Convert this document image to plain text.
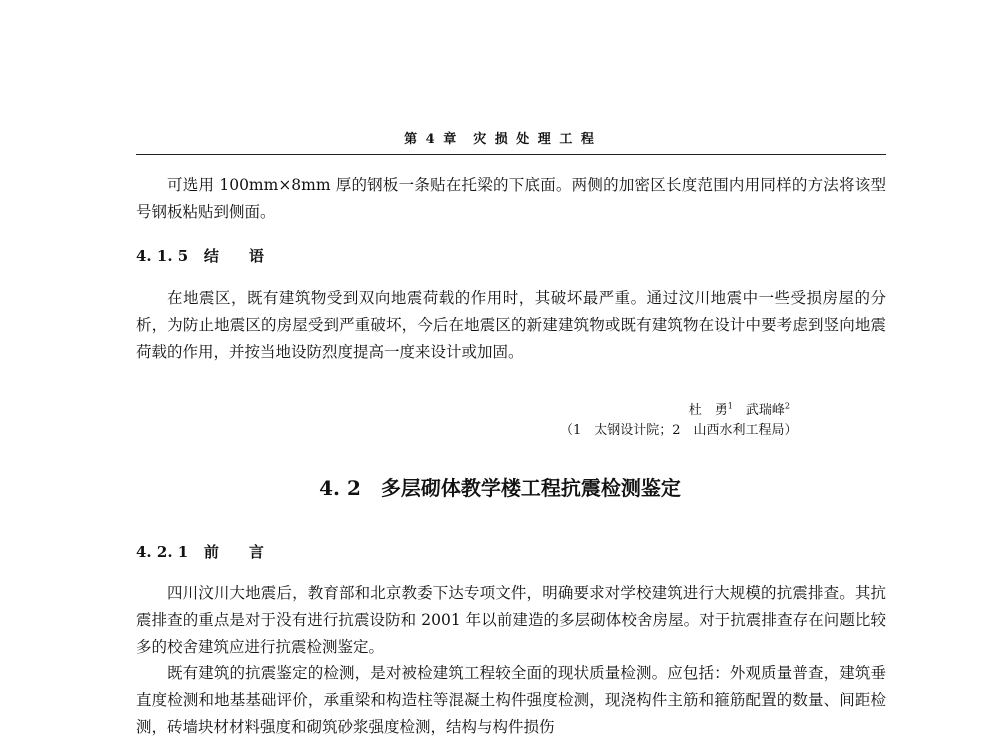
第 4 章　灾 损 处 理 工 程

可选用 100mm×8mm 厚的钢板一条贴在托梁的下底面。两侧的加密区长度范围内用同样的方法将该型号钢板粘贴到侧面。

4. 1. 5 结　　语

在地震区，既有建筑物受到双向地震荷载的作用时，其破坏最严重。通过汶川地震中一些受损房屋的分析，为防止地震区的房屋受到严重破坏，今后在地震区的新建建筑物或既有建筑物在设计中要考虑到竖向地震荷载的作用，并按当地设防烈度提高一度来设计或加固。

杜　勇$^1$　 武瑞峰$^2$

（1　太钢设计院；2　山西水利工程局）

4. 2　 多层砌体教学楼工程抗震检测鉴定
4. 2. 1 前　　言

四川汶川大地震后，教育部和北京教委下达专项文件，明确要求对学校建筑进行大规模的抗震排查。其抗震排查的重点是对于没有进行抗震设防和 2001 年以前建造的多层砌体校舍房屋。对于抗震排查存在问题比较多的校舍建筑应进行抗震检测鉴定。

既有建筑的抗震鉴定的检测，是对被检建筑工程较全面的现状质量检测。应包括：外观质量普查，建筑垂直度检测和地基基础评价，承重梁和构造柱等混凝土构件强度检测，现浇构件主筋和箍筋配置的数量、间距检测，砖墙块材材料强度和砌筑砂浆强度检测，结构与构件损伤
